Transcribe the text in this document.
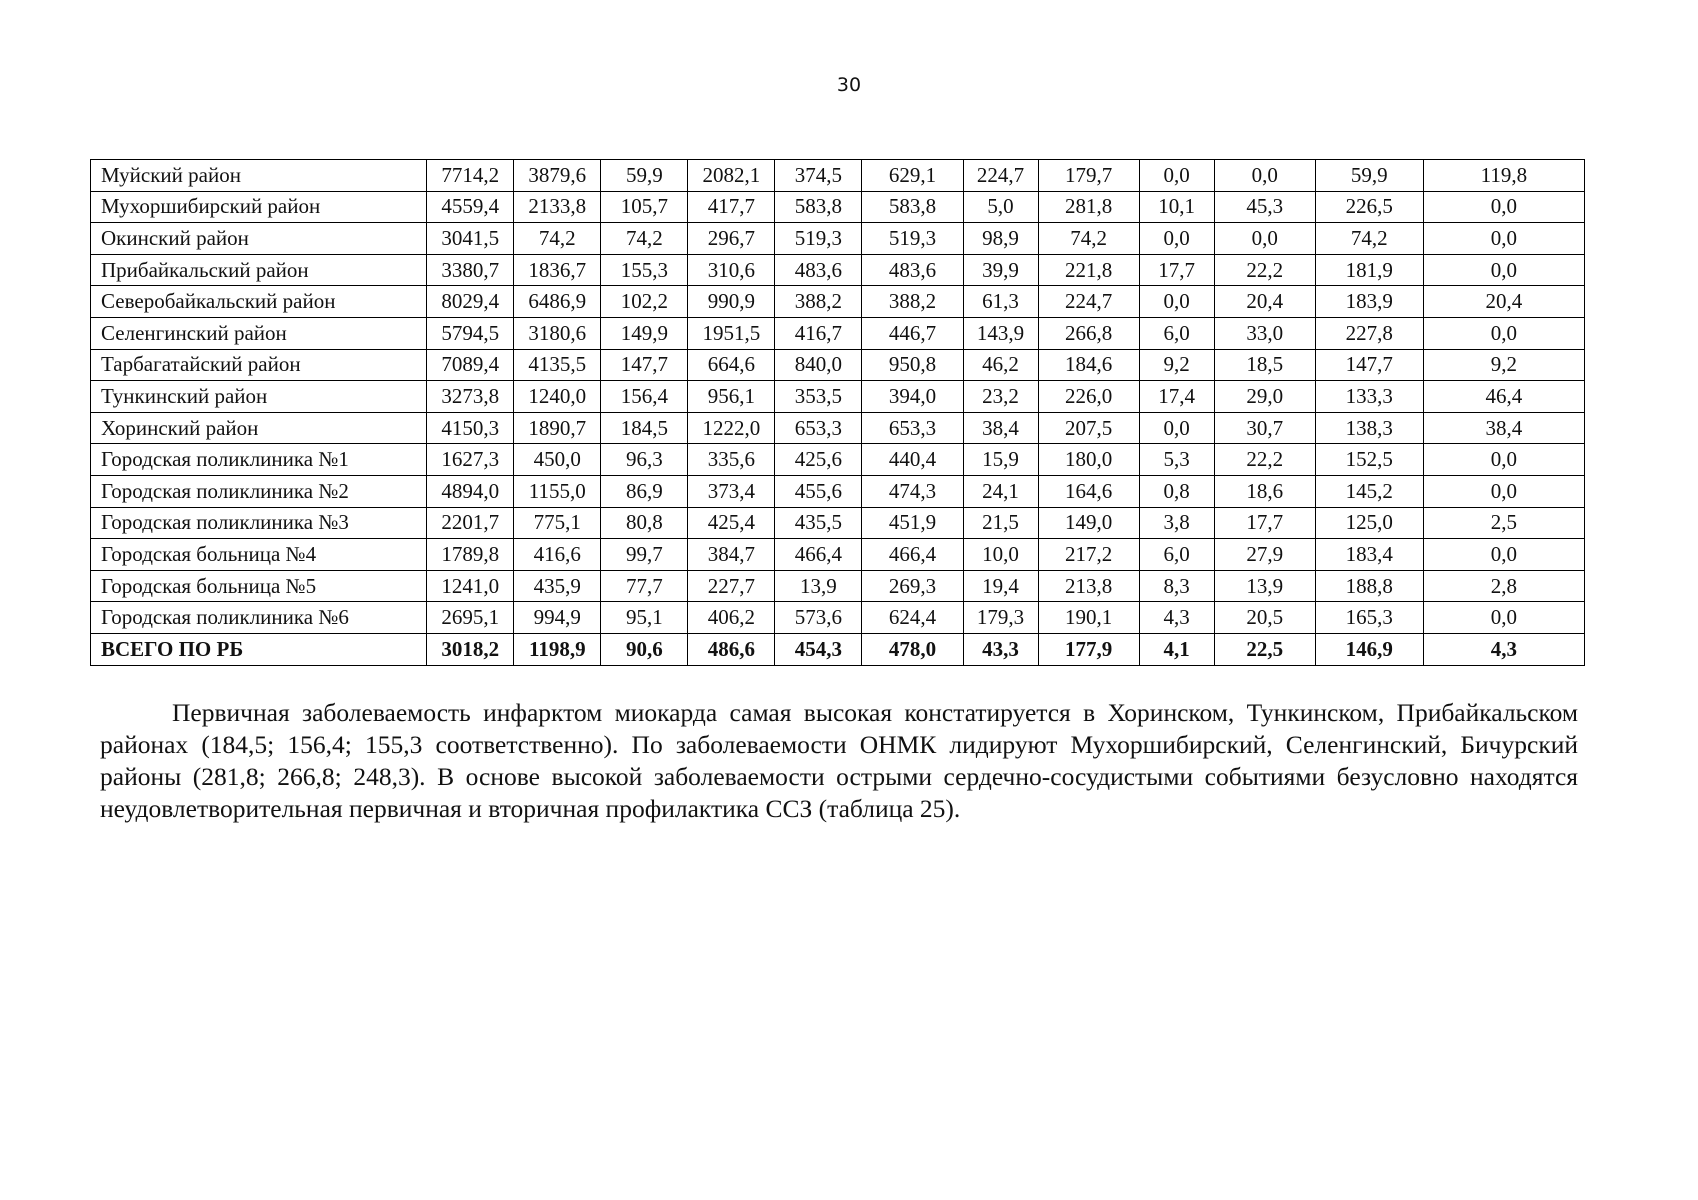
30
Муйский район	7714,2	3879,6	59,9	2082,1	374,5	629,1	224,7	179,7	0,0	0,0	59,9	119,8
Мухоршибирский район	4559,4	2133,8	105,7	417,7	583,8	583,8	5,0	281,8	10,1	45,3	226,5	0,0
Окинский район	3041,5	74,2	74,2	296,7	519,3	519,3	98,9	74,2	0,0	0,0	74,2	0,0
Прибайкальский район	3380,7	1836,7	155,3	310,6	483,6	483,6	39,9	221,8	17,7	22,2	181,9	0,0
Северобайкальский район	8029,4	6486,9	102,2	990,9	388,2	388,2	61,3	224,7	0,0	20,4	183,9	20,4
Селенгинский район	5794,5	3180,6	149,9	1951,5	416,7	446,7	143,9	266,8	6,0	33,0	227,8	0,0
Тарбагатайский район	7089,4	4135,5	147,7	664,6	840,0	950,8	46,2	184,6	9,2	18,5	147,7	9,2
Тункинский район	3273,8	1240,0	156,4	956,1	353,5	394,0	23,2	226,0	17,4	29,0	133,3	46,4
Хоринский район	4150,3	1890,7	184,5	1222,0	653,3	653,3	38,4	207,5	0,0	30,7	138,3	38,4
Городская поликлиника №1	1627,3	450,0	96,3	335,6	425,6	440,4	15,9	180,0	5,3	22,2	152,5	0,0
Городская поликлиника №2	4894,0	1155,0	86,9	373,4	455,6	474,3	24,1	164,6	0,8	18,6	145,2	0,0
Городская поликлиника №3	2201,7	775,1	80,8	425,4	435,5	451,9	21,5	149,0	3,8	17,7	125,0	2,5
Городская больница №4	1789,8	416,6	99,7	384,7	466,4	466,4	10,0	217,2	6,0	27,9	183,4	0,0
Городская больница №5	1241,0	435,9	77,7	227,7	13,9	269,3	19,4	213,8	8,3	13,9	188,8	2,8
Городская поликлиника №6	2695,1	994,9	95,1	406,2	573,6	624,4	179,3	190,1	4,3	20,5	165,3	0,0
ВСЕГО ПО РБ	3018,2	1198,9	90,6	486,6	454,3	478,0	43,3	177,9	4,1	22,5	146,9	4,3

Первичная заболеваемость инфарктом миокарда самая высокая констатируется в Хоринском, Тункинском, Прибайкальском районах (184,5; 156,4; 155,3 соответственно). По заболеваемости ОНМК лидируют Мухоршибирский, Селенгинский, Бичурский районы (281,8; 266,8; 248,3). В основе высокой заболеваемости острыми сердечно-сосудистыми событиями безусловно находятся неудовлетворительная первичная и вторичная профилактика ССЗ (таблица 25).
